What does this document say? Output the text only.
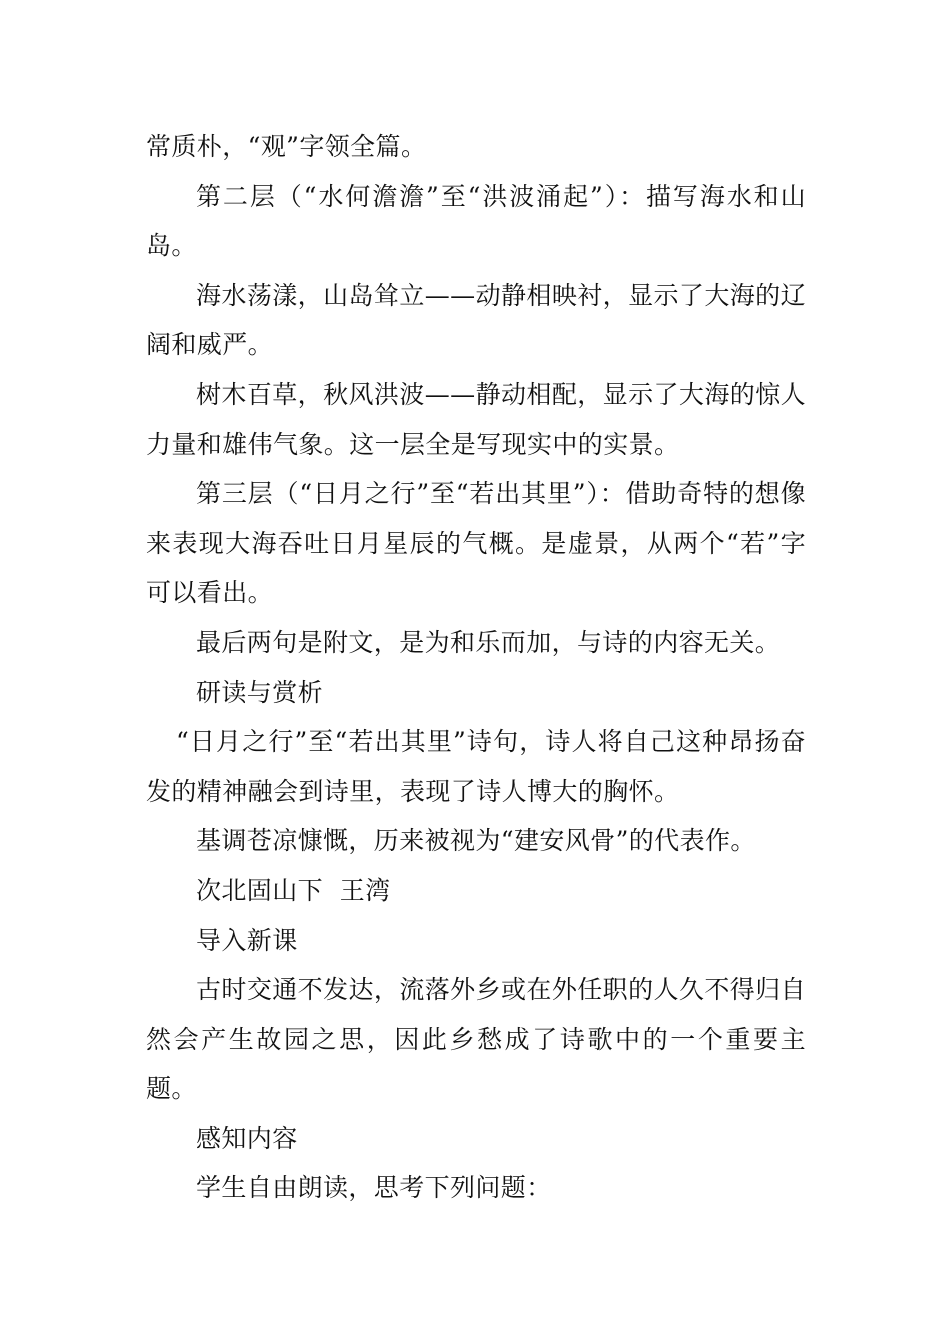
常质朴，“观”字领全篇。

第二层（“水何澹澹”至“洪波涌起”）：描写海水和山岛。

海水荡漾，山岛耸立——动静相映衬，显示了大海的辽阔和威严。

树木百草，秋风洪波——静动相配，显示了大海的惊人力量和雄伟气象。这一层全是写现实中的实景。

第三层（“日月之行”至“若出其里”）：借助奇特的想像来表现大海吞吐日月星辰的气概。是虚景，从两个“若”字可以看出。

最后两句是附文，是为和乐而加，与诗的内容无关。

研读与赏析

“日月之行”至“若出其里”诗句，诗人将自己这种昂扬奋发的精神融会到诗里，表现了诗人博大的胸怀。

基调苍凉慷慨，历来被视为“建安风骨”的代表作。

次北固山下  王湾

导入新课

古时交通不发达，流落外乡或在外任职的人久不得归自然会产生故园之思，因此乡愁成了诗歌中的一个重要主题。

感知内容

学生自由朗读，思考下列问题：
